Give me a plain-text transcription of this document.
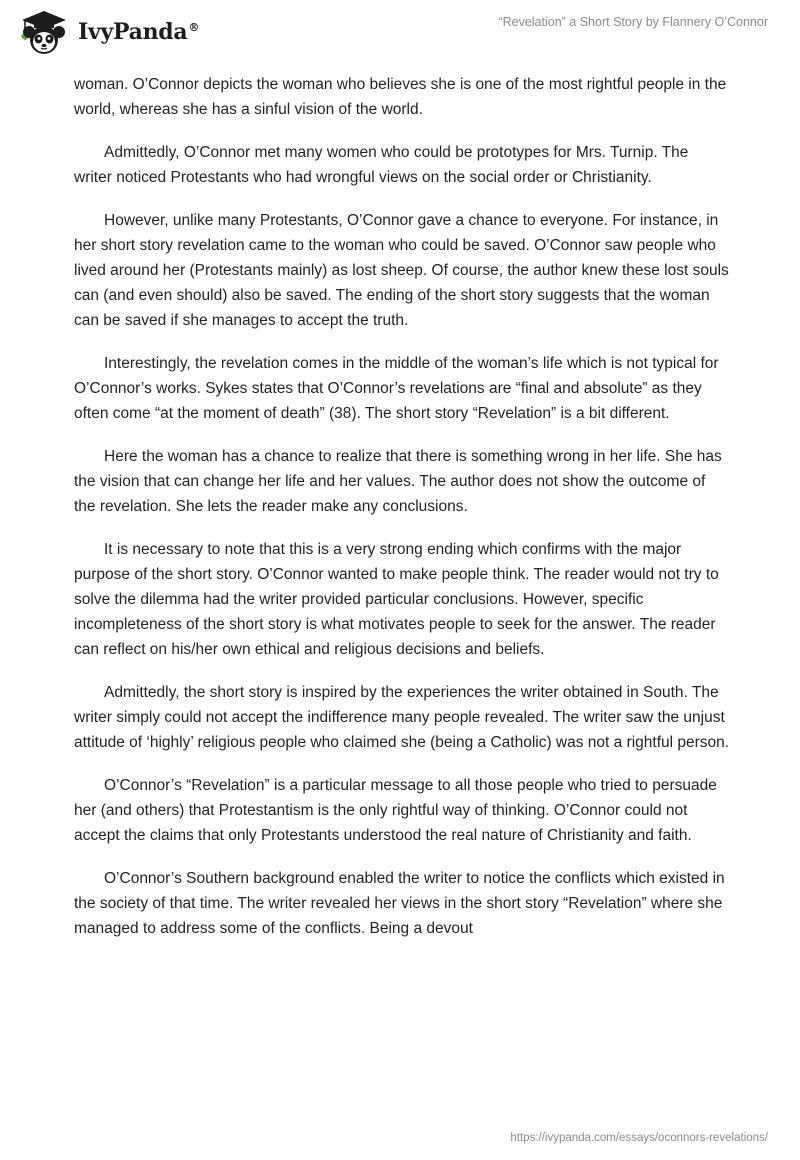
IvyPanda®	“Revelation” a Short Story by Flannery O’Connor

woman. O’Connor depicts the woman who believes she is one of the most rightful people in the world, whereas she has a sinful vision of the world.

Admittedly, O’Connor met many women who could be prototypes for Mrs. Turnip. The writer noticed Protestants who had wrongful views on the social order or Christianity.

However, unlike many Protestants, O’Connor gave a chance to everyone. For instance, in her short story revelation came to the woman who could be saved. O’Connor saw people who lived around her (Protestants mainly) as lost sheep. Of course, the author knew these lost souls can (and even should) also be saved. The ending of the short story suggests that the woman can be saved if she manages to accept the truth.

Interestingly, the revelation comes in the middle of the woman’s life which is not typical for O’Connor’s works. Sykes states that O’Connor’s revelations are “final and absolute” as they often come “at the moment of death” (38). The short story “Revelation” is a bit different.

Here the woman has a chance to realize that there is something wrong in her life. She has the vision that can change her life and her values. The author does not show the outcome of the revelation. She lets the reader make any conclusions.

It is necessary to note that this is a very strong ending which confirms with the major purpose of the short story. O’Connor wanted to make people think. The reader would not try to solve the dilemma had the writer provided particular conclusions. However, specific incompleteness of the short story is what motivates people to seek for the answer. The reader can reflect on his/her own ethical and religious decisions and beliefs.

Admittedly, the short story is inspired by the experiences the writer obtained in South. The writer simply could not accept the indifference many people revealed. The writer saw the unjust attitude of ‘highly’ religious people who claimed she (being a Catholic) was not a rightful person.

O’Connor’s “Revelation” is a particular message to all those people who tried to persuade her (and others) that Protestantism is the only rightful way of thinking. O’Connor could not accept the claims that only Protestants understood the real nature of Christianity and faith.

O’Connor’s Southern background enabled the writer to notice the conflicts which existed in the society of that time. The writer revealed her views in the short story “Revelation” where she managed to address some of the conflicts. Being a devout

https://ivypanda.com/essays/oconnors-revelations/
